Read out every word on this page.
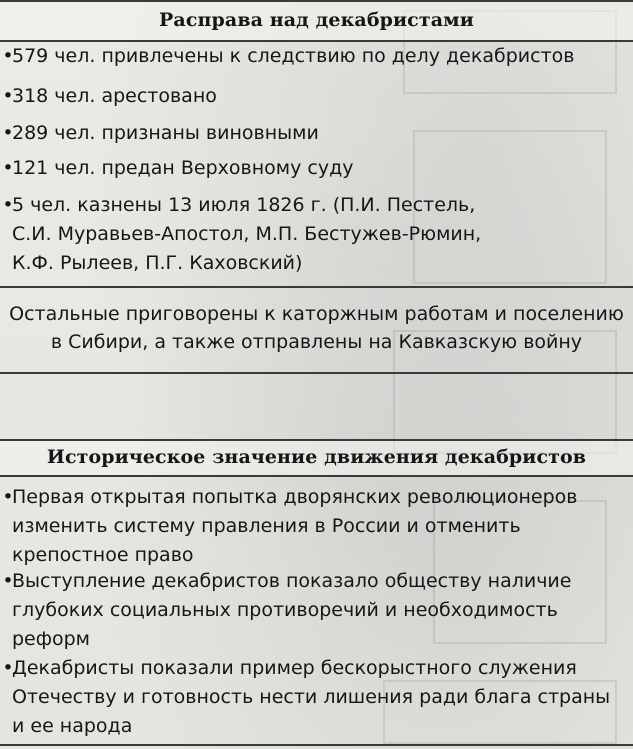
Расправа над декабристами
•
579 чел. привлечены к следствию по делу декабристов
•
318 чел. арестовано
•
289 чел. признаны виновными
•
121 чел. предан Верховному суду
•
5 чел. казнены 13 июля 1826 г. (П.И. Пестель,
С.И. Муравьев-Апостол, М.П. Бестужев-Рюмин,
К.Ф. Рылеев, П.Г. Каховский)
Остальные приговорены к каторжным работам и поселению
в Сибири, а также отправлены на Кавказскую войну
Историческое значение движения декабристов
•
Первая открытая попытка дворянских революционеров
изменить систему правления в России и отменить
крепостное право
•
Выступление декабристов показало обществу наличие
глубоких социальных противоречий и необходимость
реформ
•
Декабристы показали пример бескорыстного служения
Отечеству и готовность нести лишения ради блага страны
и ее народа
